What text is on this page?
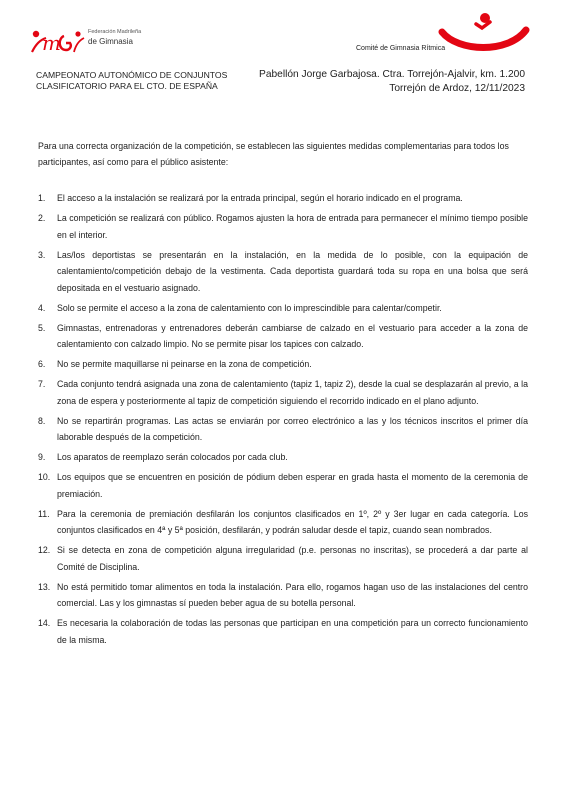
m	Federación Madrileña
de Gimnasia
Comité de Gimnasia Rítmica
CAMPEONATO AUTONÓMICO DE CONJUNTOS
CLASIFICATORIO PARA EL CTO. DE ESPAÑA
Pabellón Jorge Garbajosa. Ctra. Torrejón-Ajalvir, km. 1.200
Torrejón de Ardoz, 12/11/2023
Para una correcta organización de la competición, se establecen las siguientes medidas complementarias para todos los participantes, así como para el público asistente:
1.	El acceso a la instalación se realizará por la entrada principal, según el horario indicado en el programa.
2.	La competición se realizará con público. Rogamos ajusten la hora de entrada para permanecer el mínimo tiempo posible en el interior.
3.	Las/los deportistas se presentarán en la instalación, en la medida de lo posible, con la equipación de calentamiento/competición debajo de la vestimenta. Cada deportista guardará toda su ropa en una bolsa que será depositada en el vestuario asignado.
4.	Solo se permite el acceso a la zona de calentamiento con lo imprescindible para calentar/competir.
5.	Gimnastas, entrenadoras y entrenadores deberán cambiarse de calzado en el vestuario para acceder a la zona de calentamiento con calzado limpio. No se permite pisar los tapices con calzado.
6.	No se permite maquillarse ni peinarse en la zona de competición.
7.	Cada conjunto tendrá asignada una zona de calentamiento (tapiz 1, tapiz 2), desde la cual se desplazarán al previo, a la zona de espera y posteriormente al tapiz de competición siguiendo el recorrido indicado en el plano adjunto.
8.	No se repartirán programas. Las actas se enviarán por correo electrónico a las y los técnicos inscritos el primer día laborable después de la competición.
9.	Los aparatos de reemplazo serán colocados por cada club.
10. Los equipos que se encuentren en posición de pódium deben esperar en grada hasta el momento de la ceremonia de premiación.
11. Para la ceremonia de premiación desfilarán los conjuntos clasificados en 1º, 2º y 3er lugar en cada categoría. Los conjuntos clasificados en 4ª y 5ª posición, desfilarán, y podrán saludar desde el tapiz, cuando sean nombrados.
12. Si se detecta en zona de competición alguna irregularidad (p.e. personas no inscritas), se procederá a dar parte al Comité de Disciplina.
13. No está permitido tomar alimentos en toda la instalación. Para ello, rogamos hagan uso de las instalaciones del centro comercial. Las y los gimnastas sí pueden beber agua de su botella personal.
14. Es necesaria la colaboración de todas las personas que participan en una competición para un correcto funcionamiento de la misma.
